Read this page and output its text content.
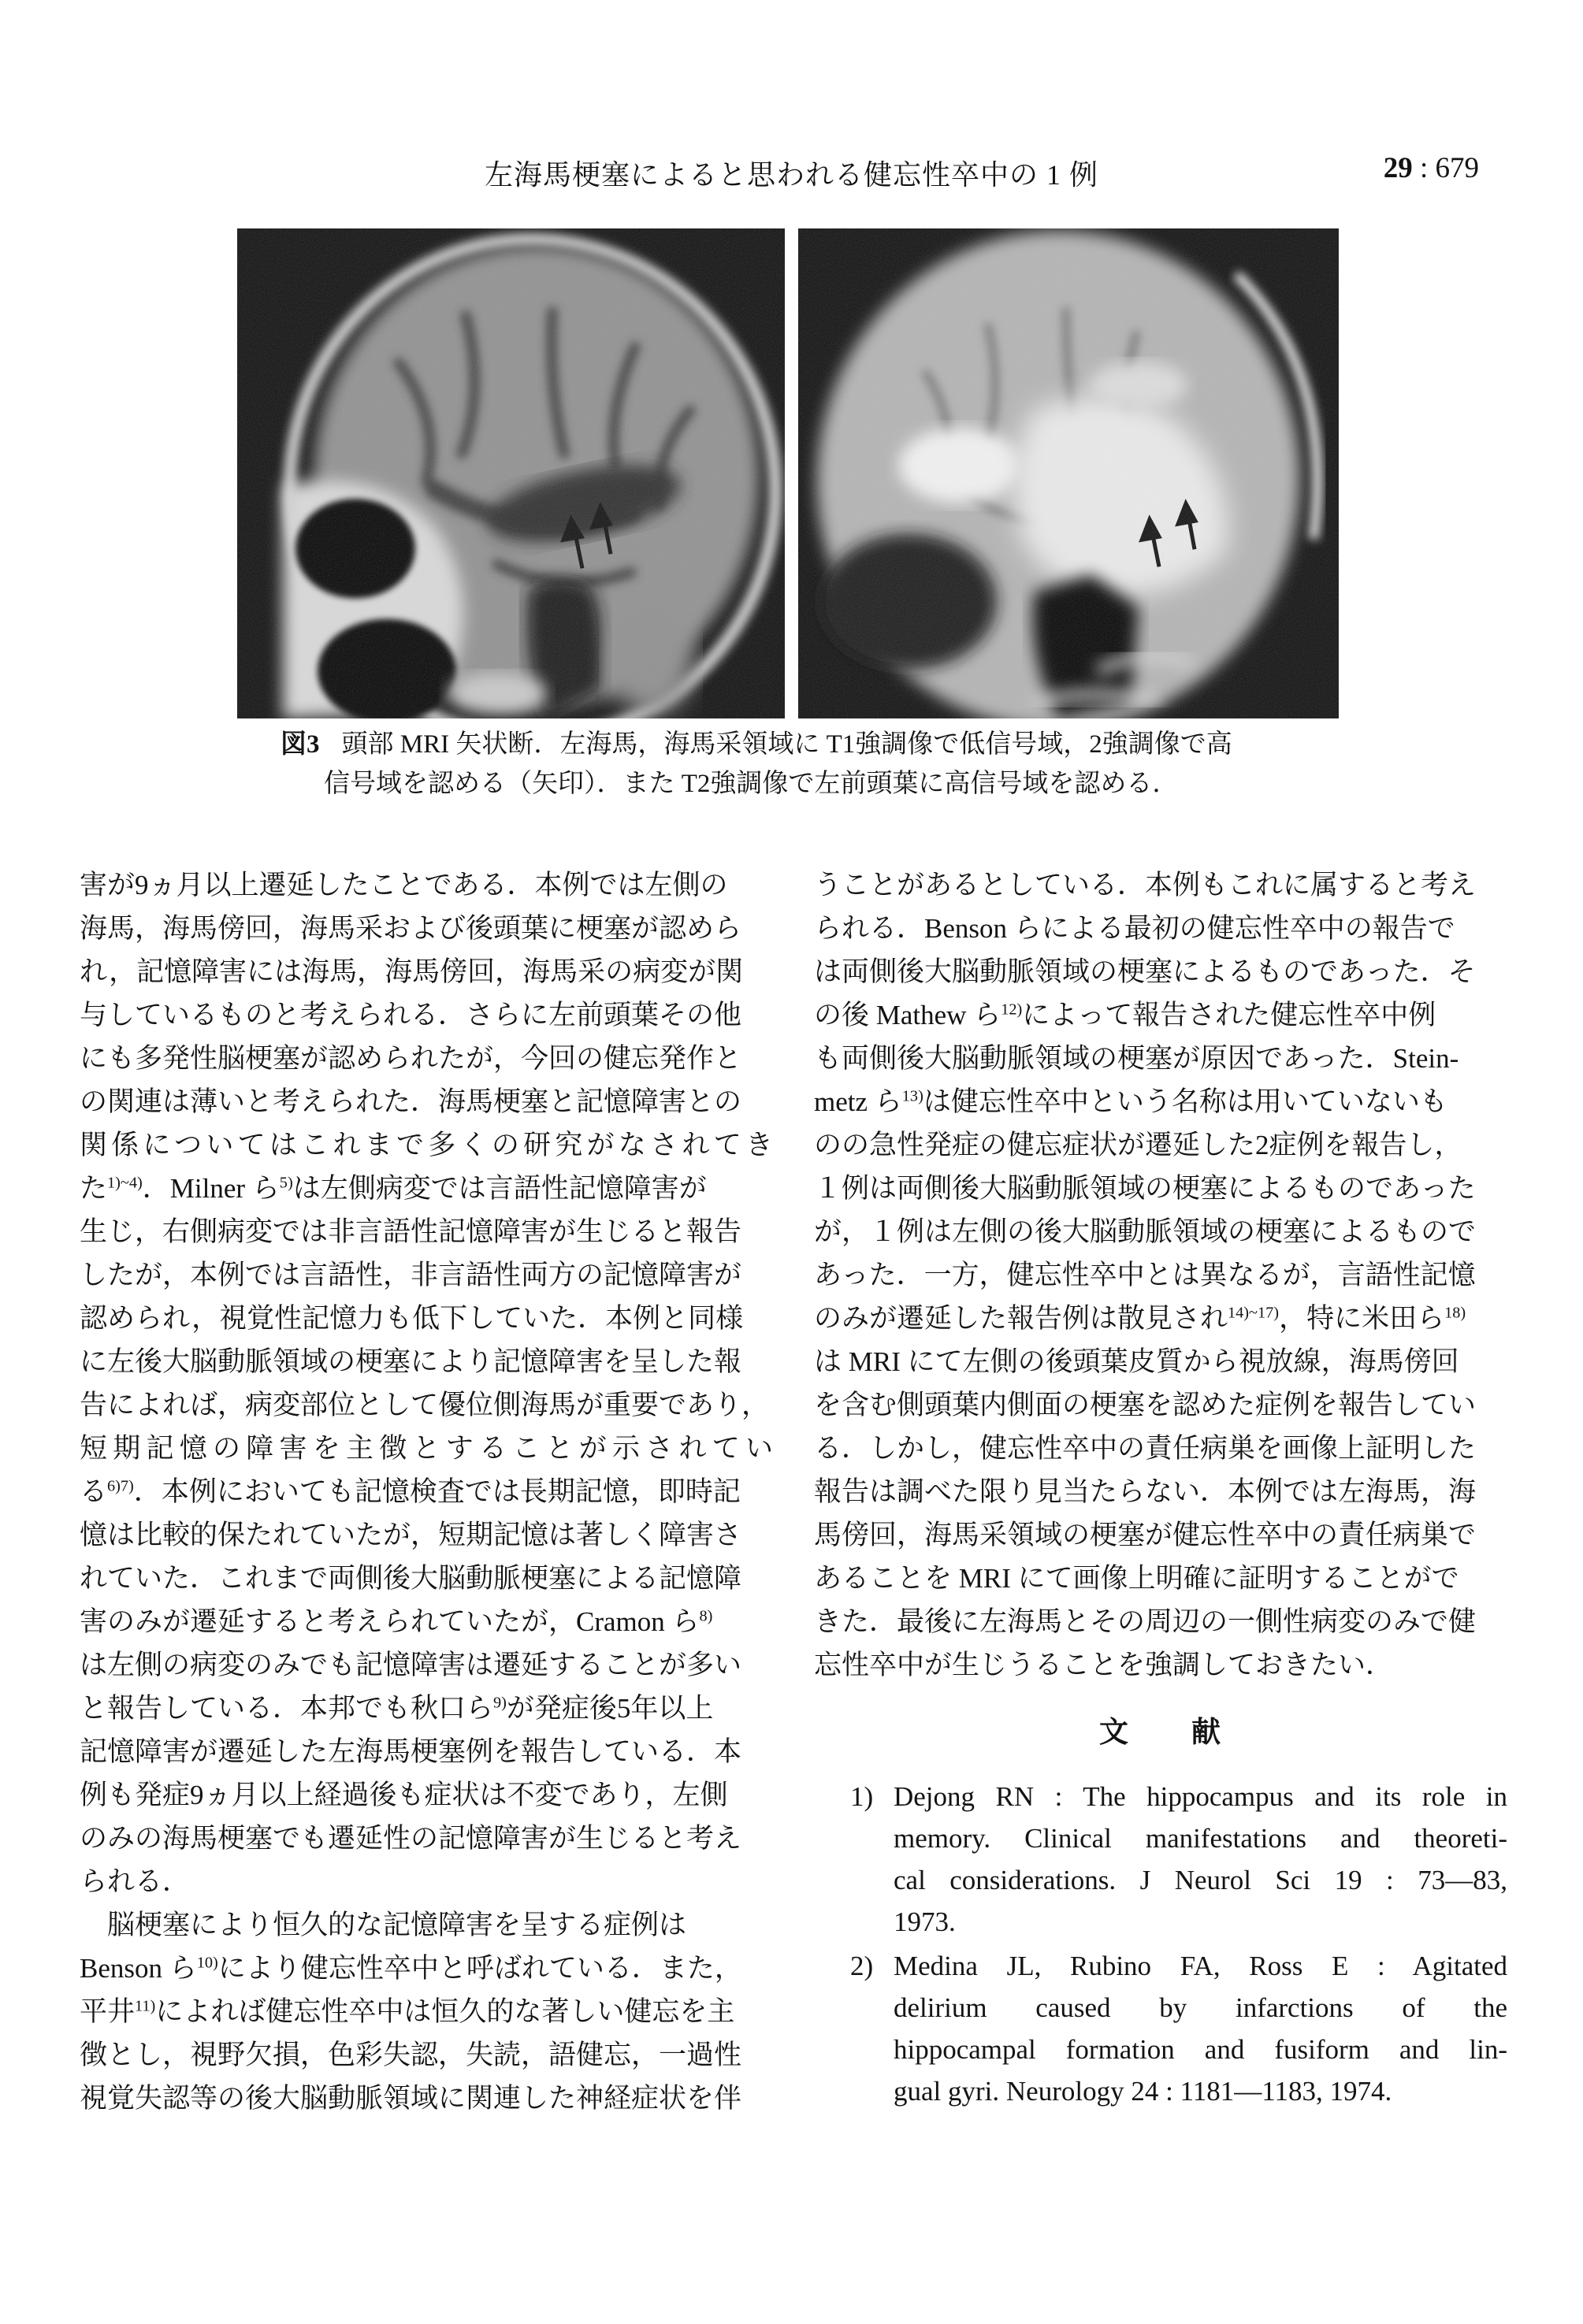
左海馬梗塞によると思われる健忘性卒中の 1 例	29 : 679
図3 頭部 MRI 矢状断．左海馬，海馬采領域に T1強調像で低信号域，2強調像で高
信号域を認める（矢印）．また T2強調像で左前頭葉に高信号域を認める．
害が9ヵ月以上遷延したことである．本例では左側の
海馬，海馬傍回，海馬采および後頭葉に梗塞が認めら
れ，記憶障害には海馬，海馬傍回，海馬采の病変が関
与しているものと考えられる．さらに左前頭葉その他
にも多発性脳梗塞が認められたが，今回の健忘発作と
の関連は薄いと考えられた．海馬梗塞と記憶障害との
関係についてはこれまで多くの研究がなされてき
た$^{1)\sim 4)}$．Milner ら$^{5)}$は左側病変では言語性記憶障害が
生じ，右側病変では非言語性記憶障害が生じると報告
したが，本例では言語性，非言語性両方の記憶障害が
認められ，視覚性記憶力も低下していた．本例と同様
に左後大脳動脈領域の梗塞により記憶障害を呈した報
告によれば，病変部位として優位側海馬が重要であり，
短期記憶の障害を主徴とすることが示されてい
る$^{6)7)}$．本例においても記憶検査では長期記憶，即時記
憶は比較的保たれていたが，短期記憶は著しく障害さ
れていた．これまで両側後大脳動脈梗塞による記憶障
害のみが遷延すると考えられていたが，Cramon ら$^{8)}$
は左側の病変のみでも記憶障害は遷延することが多い
と報告している．本邦でも秋口ら$^{9)}$が発症後5年以上
記憶障害が遷延した左海馬梗塞例を報告している．本
例も発症9ヵ月以上経過後も症状は不変であり，左側
のみの海馬梗塞でも遷延性の記憶障害が生じると考え
られる．
　脳梗塞により恒久的な記憶障害を呈する症例は
Benson ら$^{10)}$により健忘性卒中と呼ばれている．また，
平井$^{11)}$によれば健忘性卒中は恒久的な著しい健忘を主
徴とし，視野欠損，色彩失認，失読，語健忘，一過性
視覚失認等の後大脳動脈領域に関連した神経症状を伴
うことがあるとしている．本例もこれに属すると考え
られる．Benson らによる最初の健忘性卒中の報告で
は両側後大脳動脈領域の梗塞によるものであった．そ
の後 Mathew ら$^{12)}$によって報告された健忘性卒中例
も両側後大脳動脈領域の梗塞が原因であった．Stein-
metz ら$^{13)}$は健忘性卒中という名称は用いていないも
のの急性発症の健忘症状が遷延した2症例を報告し，
１例は両側後大脳動脈領域の梗塞によるものであった
が，１例は左側の後大脳動脈領域の梗塞によるもので
あった．一方，健忘性卒中とは異なるが，言語性記憶
のみが遷延した報告例は散見され$^{14)\sim 17)}$，特に米田ら$^{18)}$
は MRI にて左側の後頭葉皮質から視放線，海馬傍回
を含む側頭葉内側面の梗塞を認めた症例を報告してい
る．しかし，健忘性卒中の責任病巣を画像上証明した
報告は調べた限り見当たらない．本例では左海馬，海
馬傍回，海馬采領域の梗塞が健忘性卒中の責任病巣で
あることを MRI にて画像上明確に証明することがで
きた．最後に左海馬とその周辺の一側性病変のみで健
忘性卒中が生じうることを強調しておきたい．
文　　献
1) Dejong RN : The hippocampus and its role in
memory. Clinical manifestations and theoreti-
cal considerations. J Neurol Sci 19 : 73—83,
1973.
2) Medina JL, Rubino FA, Ross E : Agitated
delirium caused by infarctions of the
hippocampal formation and fusiform and lin-
gual gyri. Neurology 24 : 1181—1183, 1974.
